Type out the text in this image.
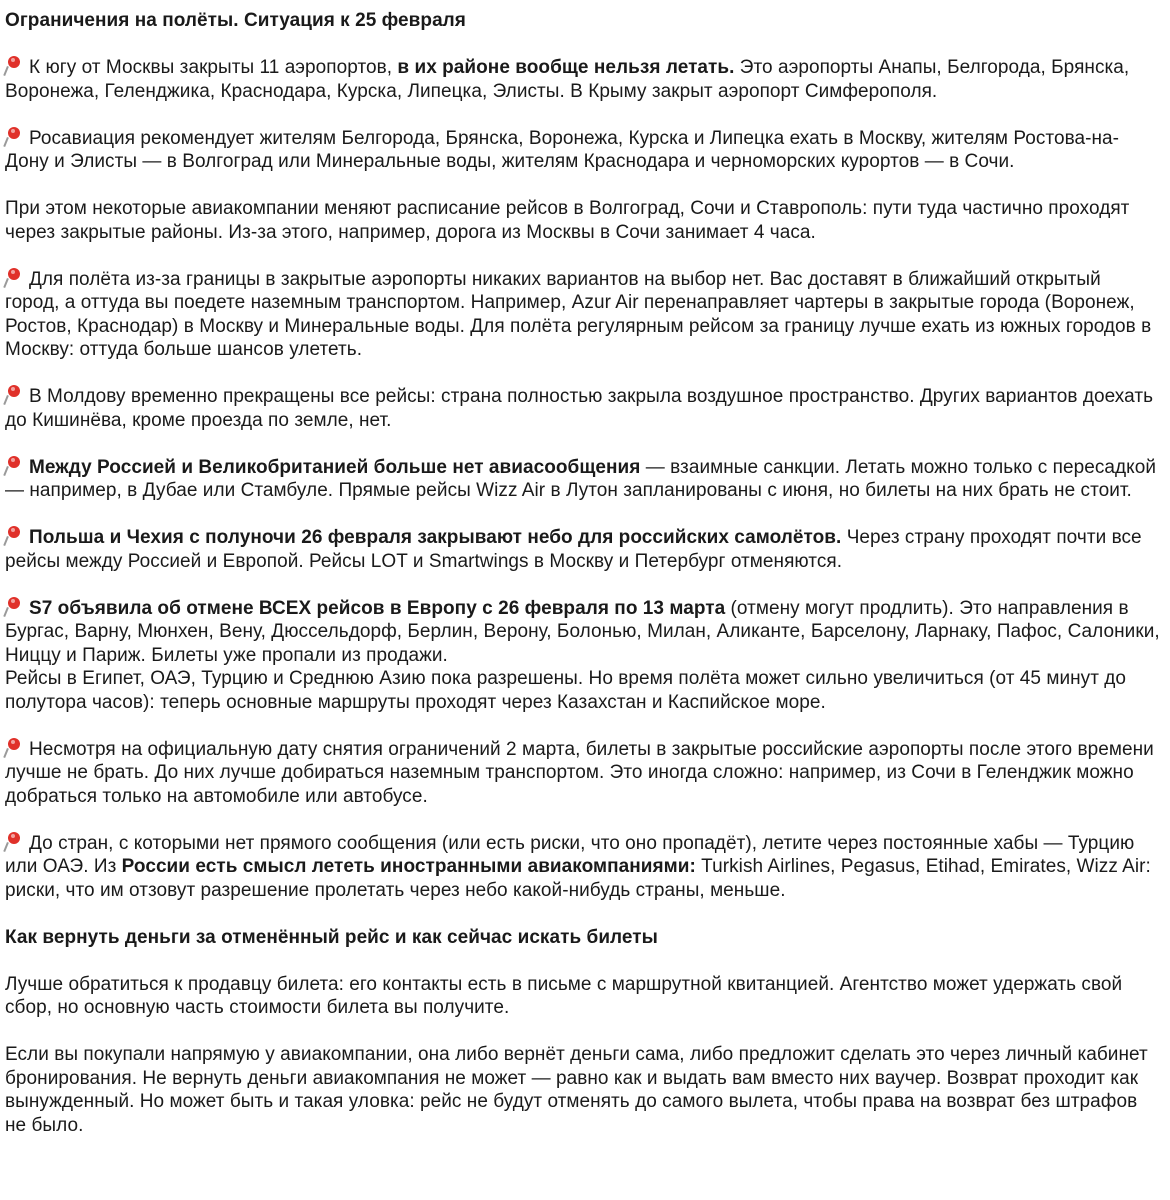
Ограничения на полёты. Ситуация к 25 февраля

К югу от Москвы закрыты 11 аэропортов, в их районе вообще нельзя летать. Это аэропорты Анапы, Белгорода, Брянска, Воронежа, Геленджика, Краснодара, Курска, Липецка, Элисты. В Крыму закрыт аэропорт Симферополя.

Росавиация рекомендует жителям Белгорода, Брянска, Воронежа, Курска и Липецка ехать в Москву, жителям Ростова-на-Дону и Элисты — в Волгоград или Минеральные воды, жителям Краснодара и черноморских курортов — в Сочи.

При этом некоторые авиакомпании меняют расписание рейсов в Волгоград, Сочи и Ставрополь: пути туда частично проходят через закрытые районы. Из-за этого, например, дорога из Москвы в Сочи занимает 4 часа.

Для полёта из-за границы в закрытые аэропорты никаких вариантов на выбор нет. Вас доставят в ближайший открытый город, а оттуда вы поедете наземным транспортом. Например, Azur Air перенаправляет чартеры в закрытые города (Воронеж, Ростов, Краснодар) в Москву и Минеральные воды. Для полёта регулярным рейсом за границу лучше ехать из южных городов в Москву: оттуда больше шансов улететь.

В Молдову временно прекращены все рейсы: страна полностью закрыла воздушное пространство. Других вариантов доехать до Кишинёва, кроме проезда по земле, нет.

Между Россией и Великобританией больше нет авиасообщения — взаимные санкции. Летать можно только с пересадкой — например, в Дубае или Стамбуле. Прямые рейсы Wizz Air в Лутон запланированы с июня, но билеты на них брать не стоит.

Польша и Чехия с полуночи 26 февраля закрывают небо для российских самолётов. Через страну проходят почти все рейсы между Россией и Европой. Рейсы LOT и Smartwings в Москву и Петербург отменяются.

S7 объявила об отмене ВСЕХ рейсов в Европу с 26 февраля по 13 марта (отмену могут продлить). Это направления в Бургас, Варну, Мюнхен, Вену, Дюссельдорф, Берлин, Верону, Болонью, Милан, Аликанте, Барселону, Ларнаку, Пафос, Салоники, Ниццу и Париж. Билеты уже пропали из продажи.
Рейсы в Египет, ОАЭ, Турцию и Среднюю Азию пока разрешены. Но время полёта может сильно увеличиться (от 45 минут до полутора часов): теперь основные маршруты проходят через Казахстан и Каспийское море.

Несмотря на официальную дату снятия ограничений 2 марта, билеты в закрытые российские аэропорты после этого времени лучше не брать. До них лучше добираться наземным транспортом. Это иногда сложно: например, из Сочи в Геленджик можно добраться только на автомобиле или автобусе.

До стран, с которыми нет прямого сообщения (или есть риски, что оно пропадёт), летите через постоянные хабы — Турцию или ОАЭ. Из России есть смысл лететь иностранными авиакомпаниями: Turkish Airlines, Pegasus, Etihad, Emirates, Wizz Air: риски, что им отзовут разрешение пролетать через небо какой-нибудь страны, меньше.

Как вернуть деньги за отменённый рейс и как сейчас искать билеты

Лучше обратиться к продавцу билета: его контакты есть в письме с маршрутной квитанцией. Агентство может удержать свой сбор, но основную часть стоимости билета вы получите.

Если вы покупали напрямую у авиакомпании, она либо вернёт деньги сама, либо предложит сделать это через личный кабинет бронирования. Не вернуть деньги авиакомпания не может — равно как и выдать вам вместо них ваучер. Возврат проходит как вынужденный. Но может быть и такая уловка: рейс не будут отменять до самого вылета, чтобы права на возврат без штрафов не было.
